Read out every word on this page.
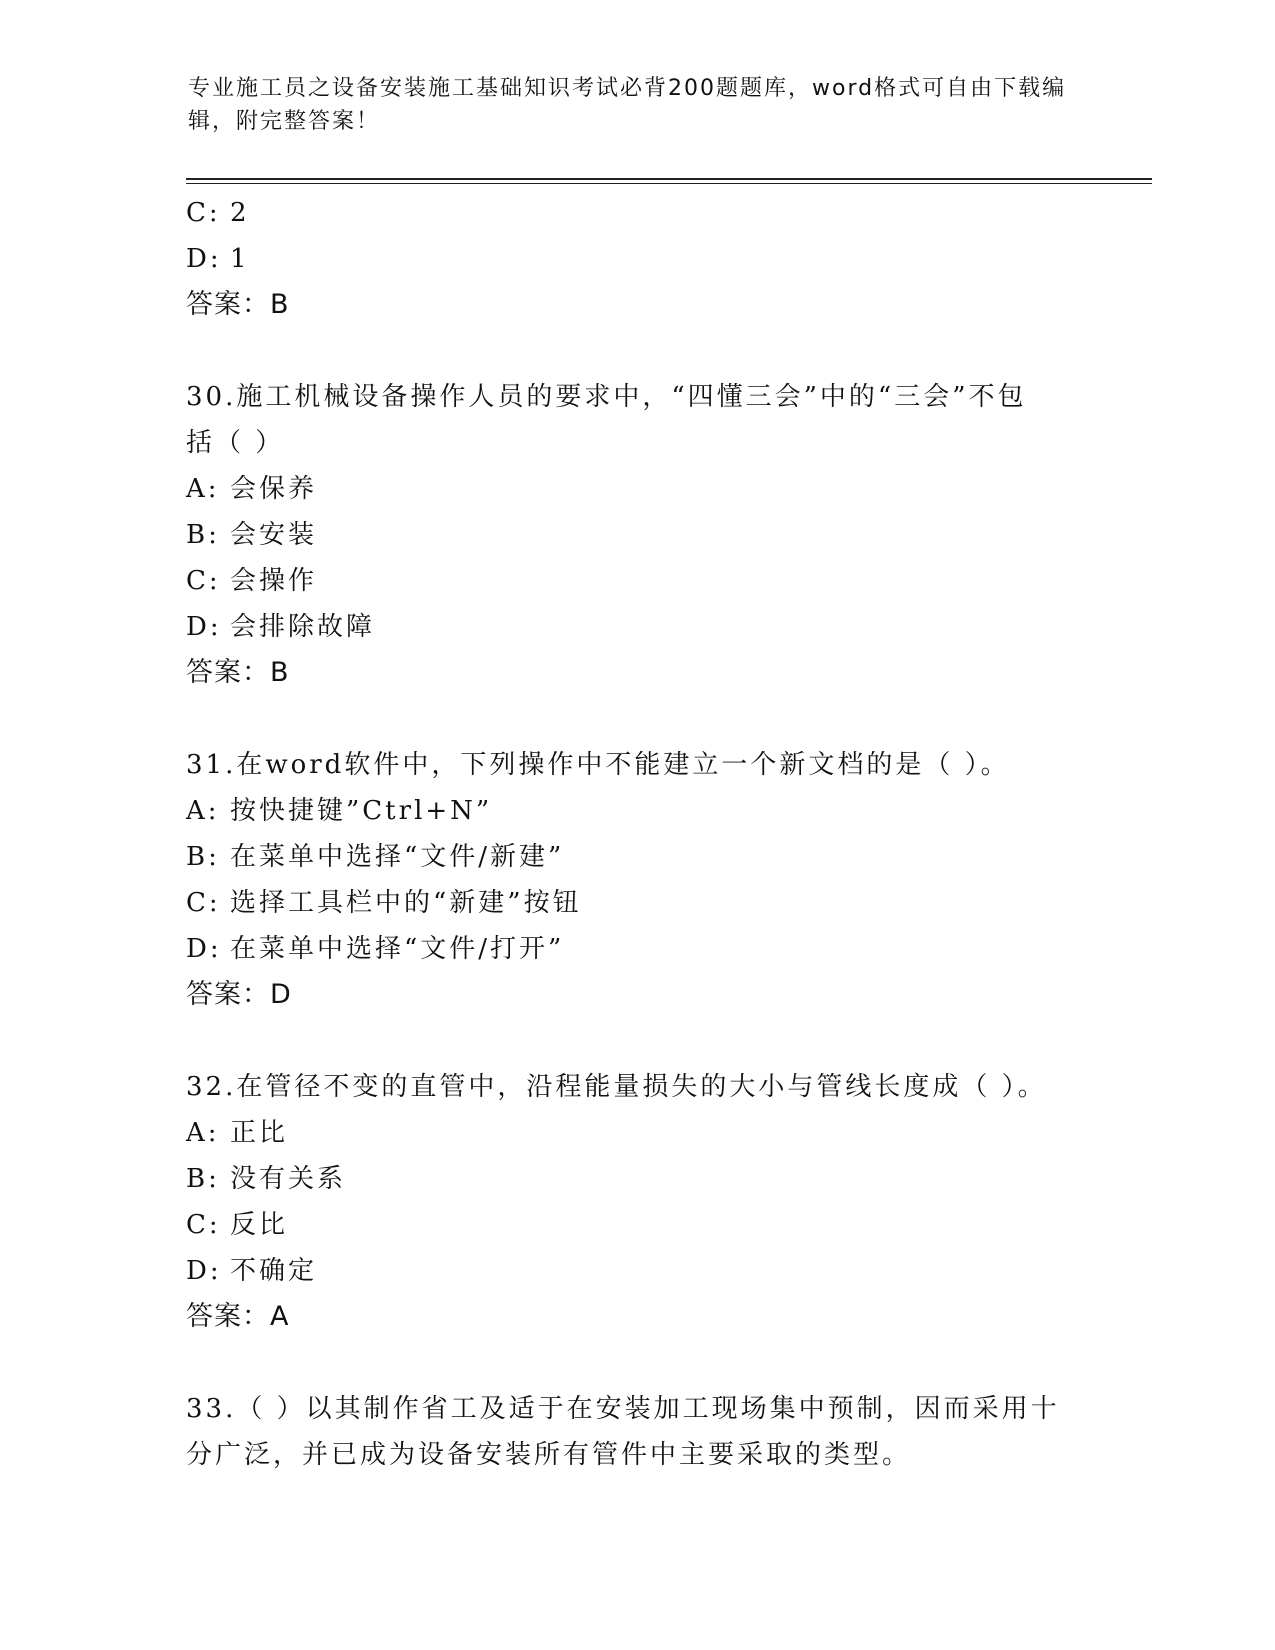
专业施工员之设备安装施工基础知识考试必背200题题库，word格式可自由下载编辑，附完整答案！
C: 2
D: 1
答案：B
30.施工机械设备操作人员的要求中，“四懂三会”中的“三会”不包
括（ ）
A: 会保养
B: 会安装
C: 会操作
D: 会排除故障
答案：B
31.在word软件中，下列操作中不能建立一个新文档的是（ ）。
A: 按快捷键”Ctrl+N”
B: 在菜单中选择“文件/新建”
C: 选择工具栏中的“新建”按钮
D: 在菜单中选择“文件/打开”
答案：D
32.在管径不变的直管中，沿程能量损失的大小与管线长度成（ ）。
A: 正比
B: 没有关系
C: 反比
D: 不确定
答案：A
33.（ ）以其制作省工及适于在安装加工现场集中预制，因而采用十
分广泛，并已成为设备安装所有管件中主要采取的类型。
